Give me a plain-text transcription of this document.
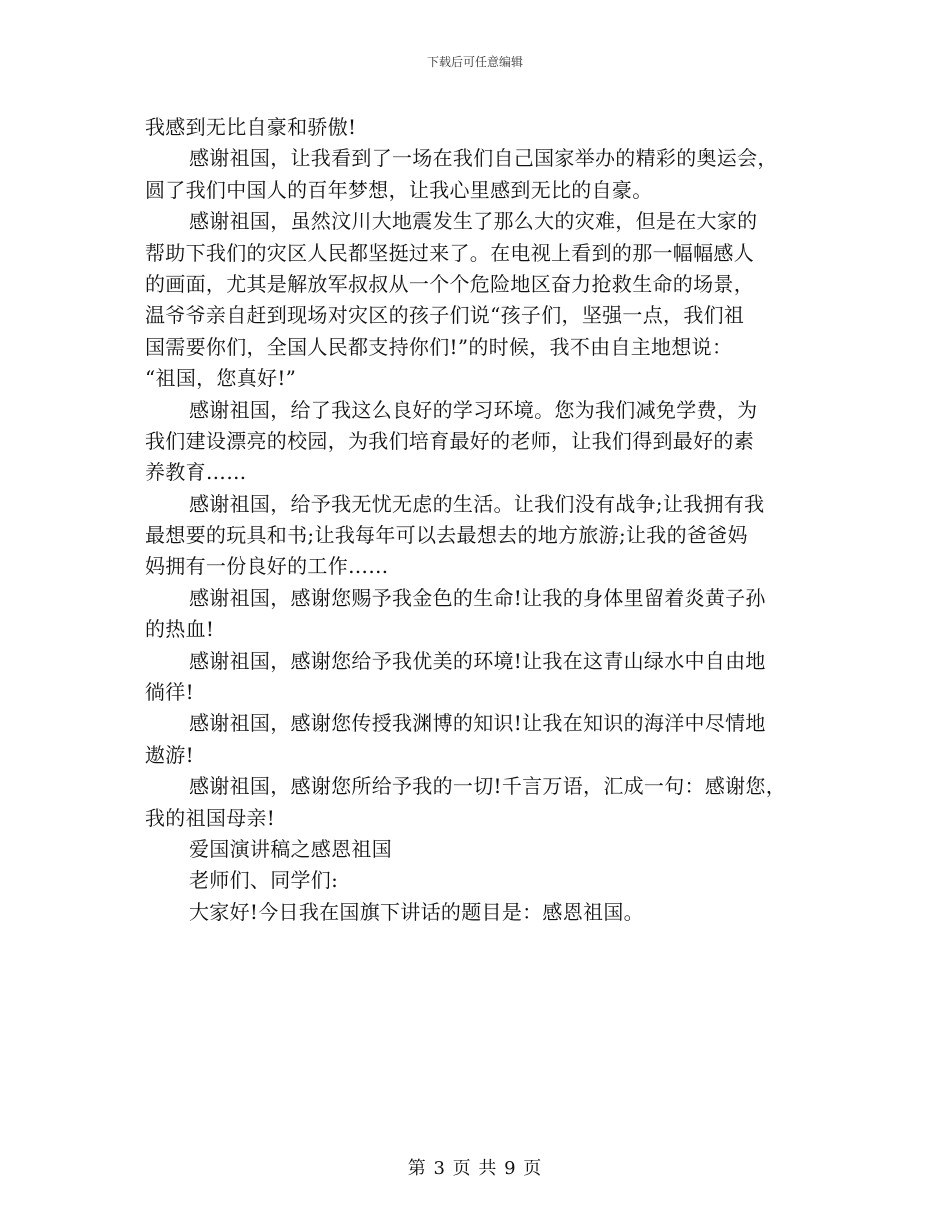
下载后可任意编辑
我感到无比自豪和骄傲!
感谢祖国，让我看到了一场在我们自己国家举办的精彩的奥运会，
圆了我们中国人的百年梦想，让我心里感到无比的自豪。
感谢祖国，虽然汶川大地震发生了那么大的灾难，但是在大家的
帮助下我们的灾区人民都坚挺过来了。在电视上看到的那一幅幅感人
的画面，尤其是解放军叔叔从一个个危险地区奋力抢救生命的场景，
温爷爷亲自赶到现场对灾区的孩子们说“孩子们，坚强一点，我们祖
国需要你们，全国人民都支持你们!”的时候，我不由自主地想说：
“祖国，您真好!”
感谢祖国，给了我这么良好的学习环境。您为我们减免学费，为
我们建设漂亮的校园，为我们培育最好的老师，让我们得到最好的素
养教育……
感谢祖国，给予我无忧无虑的生活。让我们没有战争;让我拥有我
最想要的玩具和书;让我每年可以去最想去的地方旅游;让我的爸爸妈
妈拥有一份良好的工作……
感谢祖国，感谢您赐予我金色的生命!让我的身体里留着炎黄子孙
的热血!
感谢祖国，感谢您给予我优美的环境!让我在这青山绿水中自由地
徜徉!
感谢祖国，感谢您传授我渊博的知识!让我在知识的海洋中尽情地
遨游!
感谢祖国，感谢您所给予我的一切!千言万语，汇成一句：感谢您，
我的祖国母亲!
爱国演讲稿之感恩祖国
老师们、同学们:
大家好!今日我在国旗下讲话的题目是：感恩祖国。
第 3 页 共 9 页
